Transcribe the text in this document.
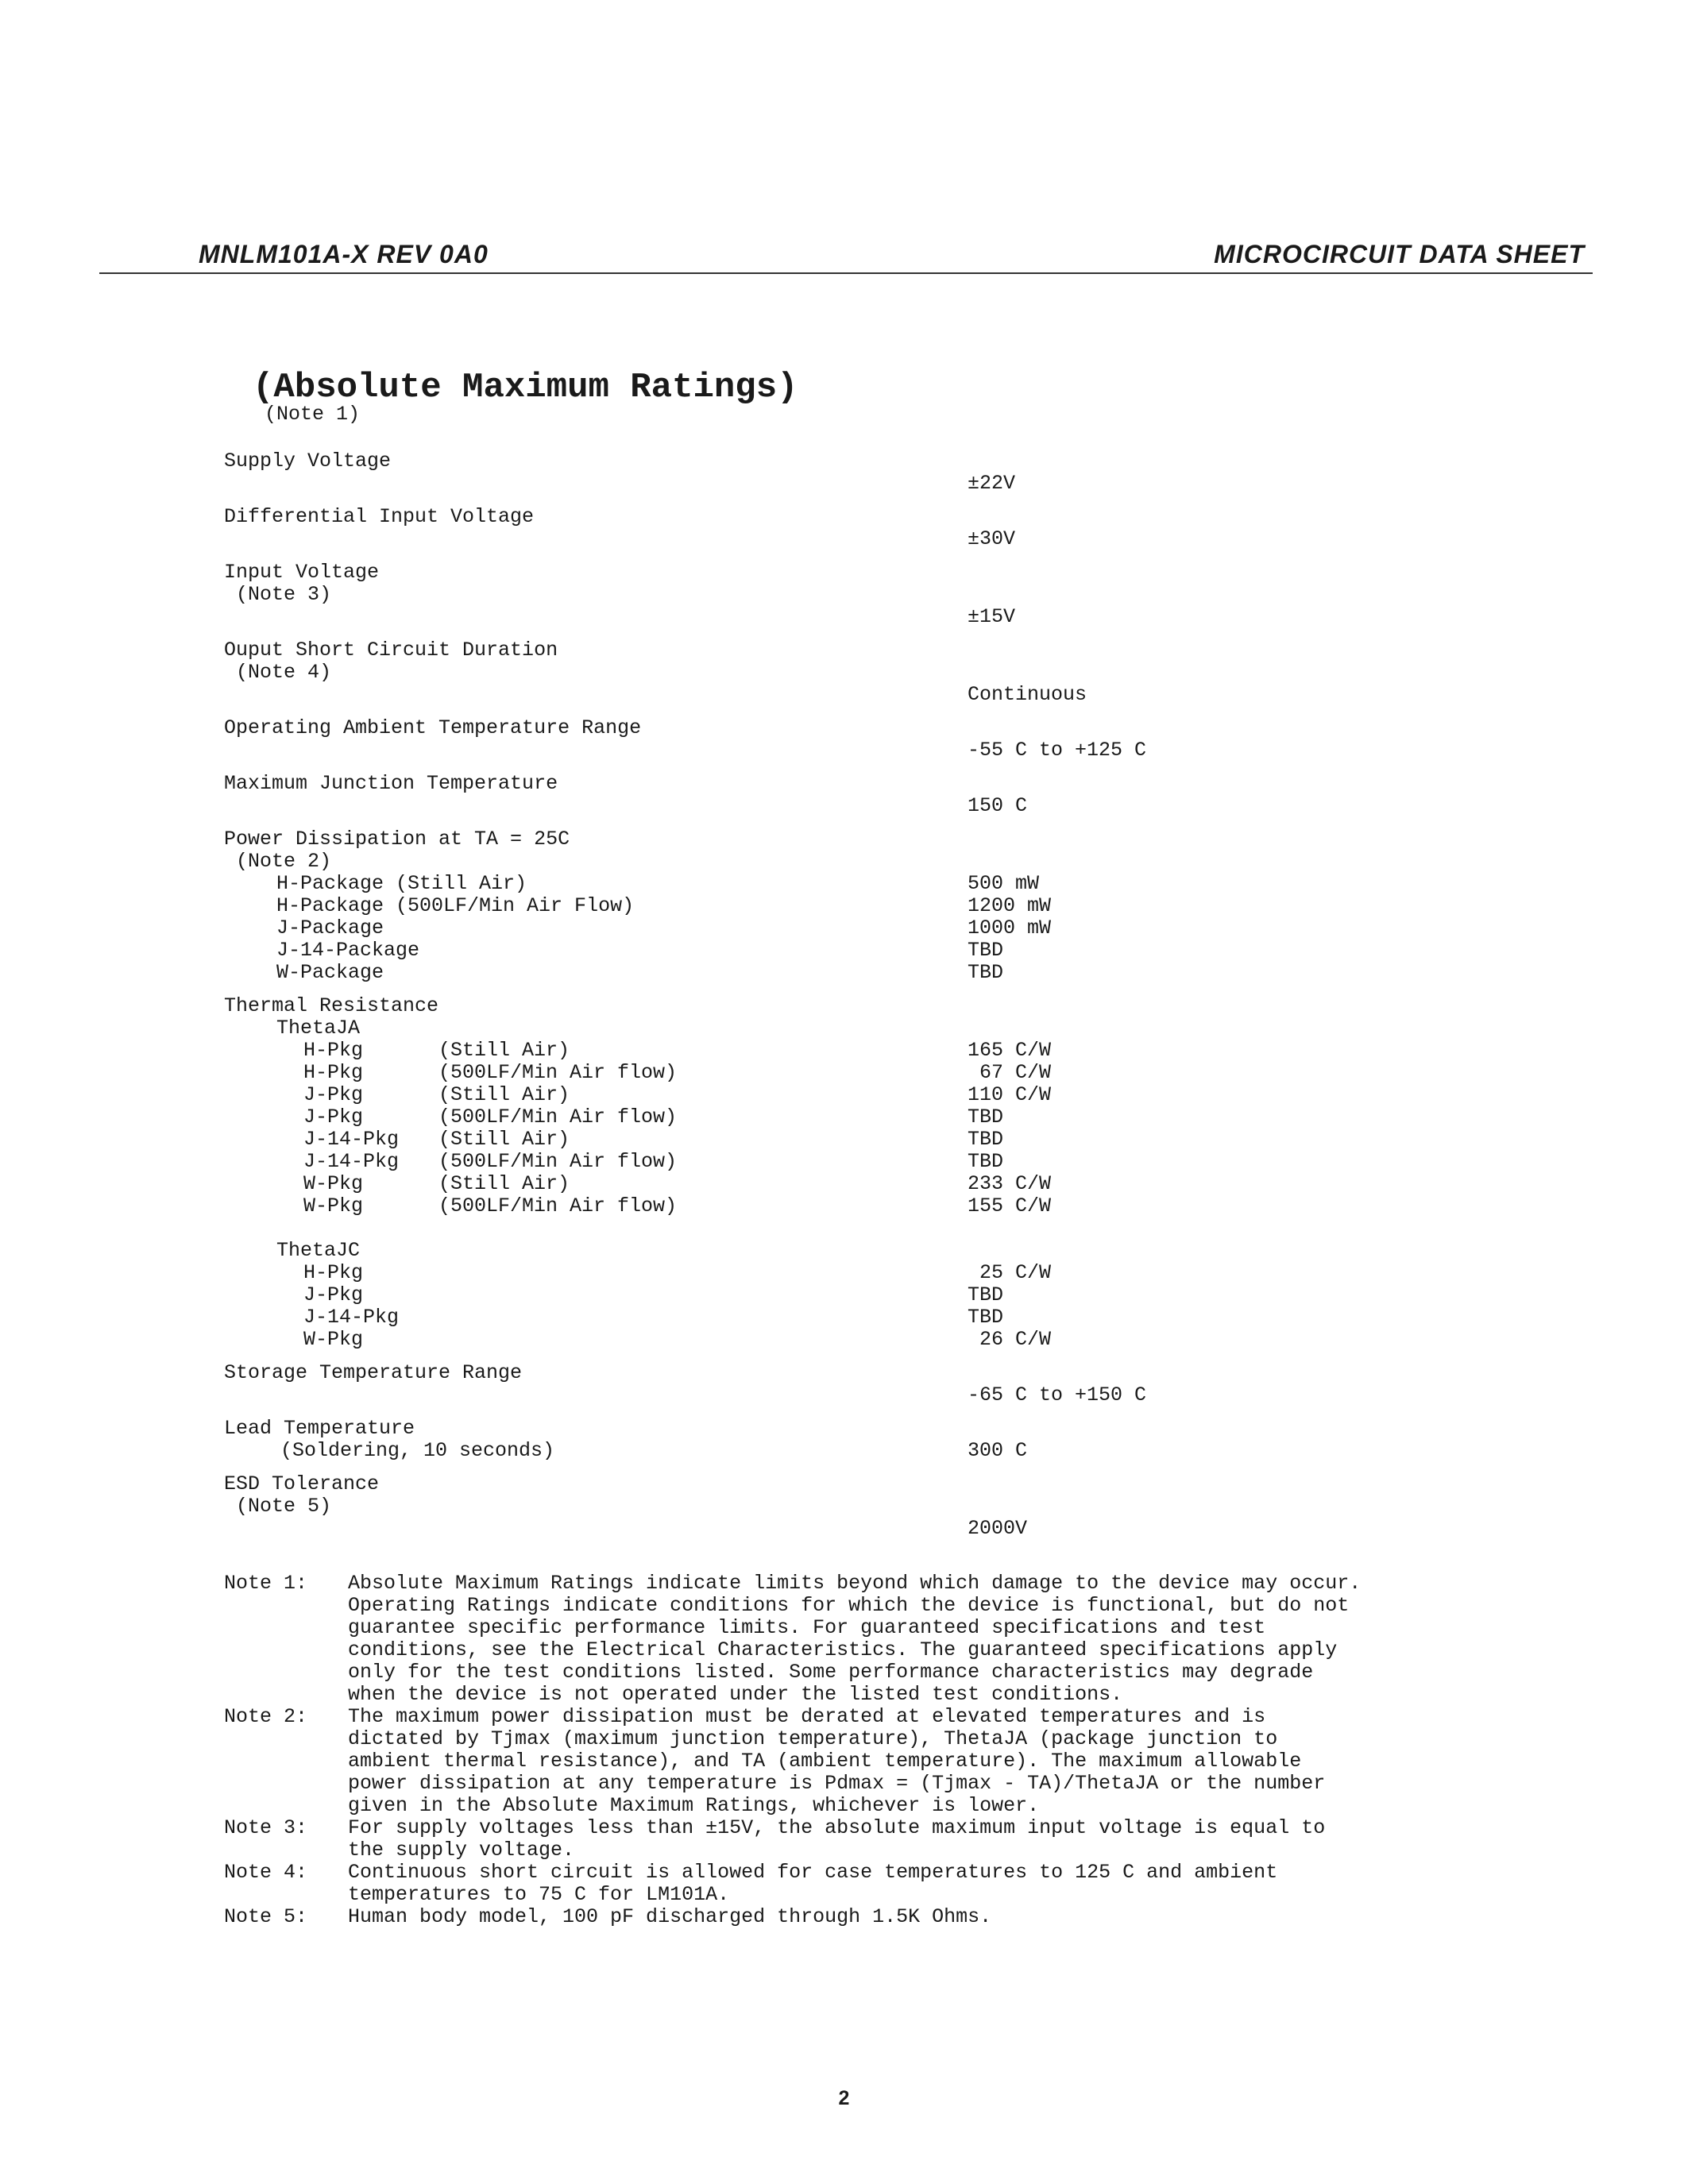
MNLM101A-X REV 0A0	MICROCIRCUIT DATA SHEET
(Absolute Maximum Ratings)
(Note 1)
Supply Voltage
±22V
Differential Input Voltage
±30V
Input Voltage
(Note 3)
±15V
Ouput Short Circuit Duration
(Note 4)
Continuous
Operating Ambient Temperature Range
-55 C to +125 C
Maximum Junction Temperature
150 C
Power Dissipation at TA = 25C
(Note 2)
H-Package (Still Air)	500 mW
H-Package (500LF/Min Air Flow)	1200 mW
J-Package	1000 mW
J-14-Package	TBD
W-Package	TBD
Thermal Resistance
ThetaJA
H-Pkg	(Still Air)	165 C/W
H-Pkg	(500LF/Min Air flow)	67 C/W
J-Pkg	(Still Air)	110 C/W
J-Pkg	(500LF/Min Air flow)	TBD
J-14-Pkg (Still Air)	TBD
J-14-Pkg (500LF/Min Air flow)	TBD
W-Pkg	(Still Air)	233 C/W
W-Pkg	(500LF/Min Air flow)	155 C/W
ThetaJC
H-Pkg	25 C/W
J-Pkg	TBD
J-14-Pkg	TBD
W-Pkg	26 C/W
Storage Temperature Range
-65 C to +150 C
Lead Temperature
(Soldering, 10 seconds)	300 C
ESD Tolerance
(Note 5)
2000V
Note 1: Absolute Maximum Ratings indicate limits beyond which damage to the device may occur.
Operating Ratings indicate conditions for which the device is functional, but do not
guarantee specific performance limits. For guaranteed specifications and test
conditions, see the Electrical Characteristics. The guaranteed specifications apply
only for the test conditions listed. Some performance characteristics may degrade
when the device is not operated under the listed test conditions.
Note 2: The maximum power dissipation must be derated at elevated temperatures and is
dictated by Tjmax (maximum junction temperature), ThetaJA (package junction to
ambient thermal resistance), and TA (ambient temperature). The maximum allowable
power dissipation at any temperature is Pdmax = (Tjmax - TA)/ThetaJA or the number
given in the Absolute Maximum Ratings, whichever is lower.
Note 3: For supply voltages less than ±15V, the absolute maximum input voltage is equal to
the supply voltage.
Note 4: Continuous short circuit is allowed for case temperatures to 125 C and ambient
temperatures to 75 C for LM101A.
Note 5: Human body model, 100 pF discharged through 1.5K Ohms.
2
